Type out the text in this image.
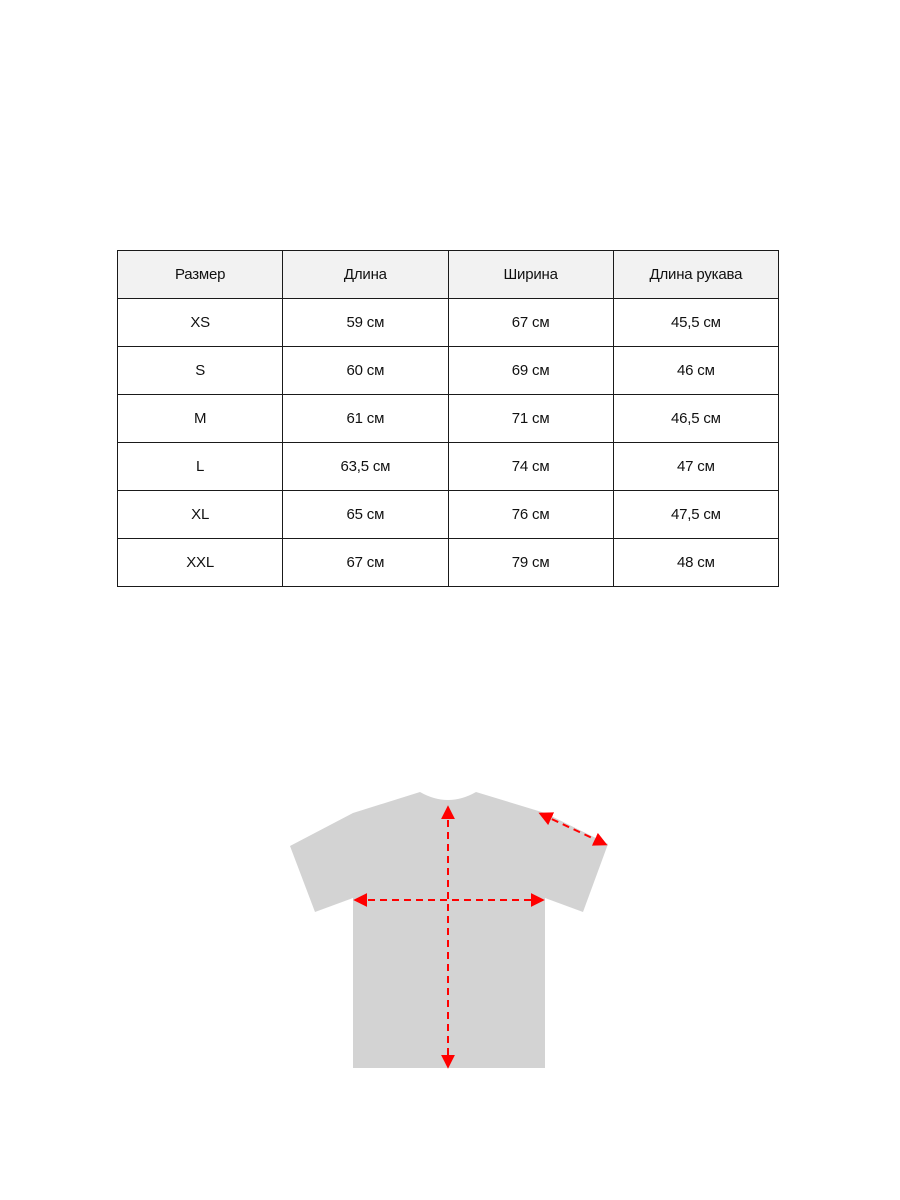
Размер	Длина	Ширина	Длина рукава
XS	59 см	67 см	45,5 см
S	60 см	69 см	46 см
M	61 см	71 см	46,5 см
L	63,5 см	74 см	47 см
XL	65 см	76 см	47,5 см
XXL	67 см	79 см	48 см
